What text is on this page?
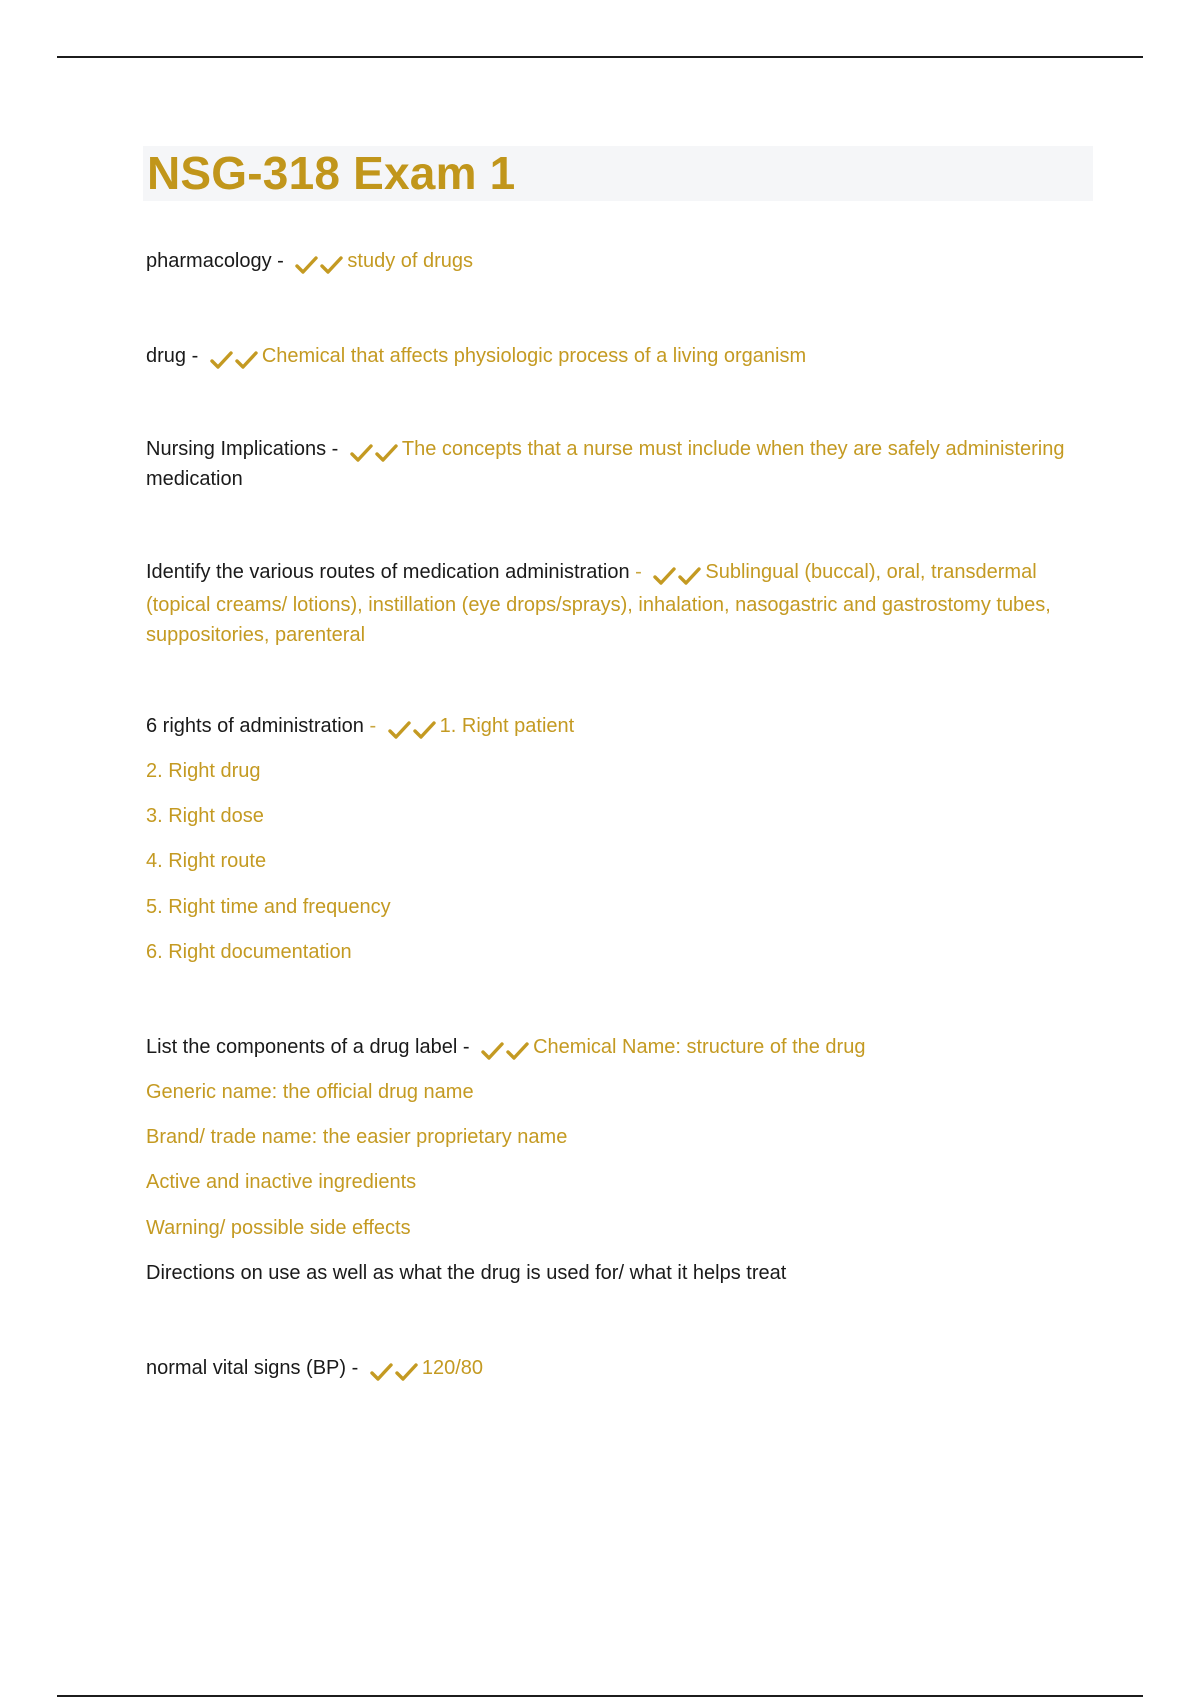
NSG-318 Exam 1
pharmacology -	study of drugs
drug -	Chemical that affects physiologic process of a living organism
Nursing Implications -	The concepts that a nurse must include when they are safely administering
medication
Identify the various routes of medication administration -	Sublingual (buccal), oral, transdermal (topical creams/ lotions), instillation (eye drops/sprays), inhalation, nasogastric and gastrostomy tubes, suppositories, parenteral
6 rights of administration -	1. Right patient
2. Right drug
3. Right dose
4. Right route
5. Right time and frequency
6. Right documentation
List the components of a drug label -	Chemical Name: structure of the drug
Generic name: the official drug name
Brand/ trade name: the easier proprietary name
Active and inactive ingredients
Warning/ possible side effects
Directions on use as well as what the drug is used for/ what it helps treat
normal vital signs (BP) -	120/80
